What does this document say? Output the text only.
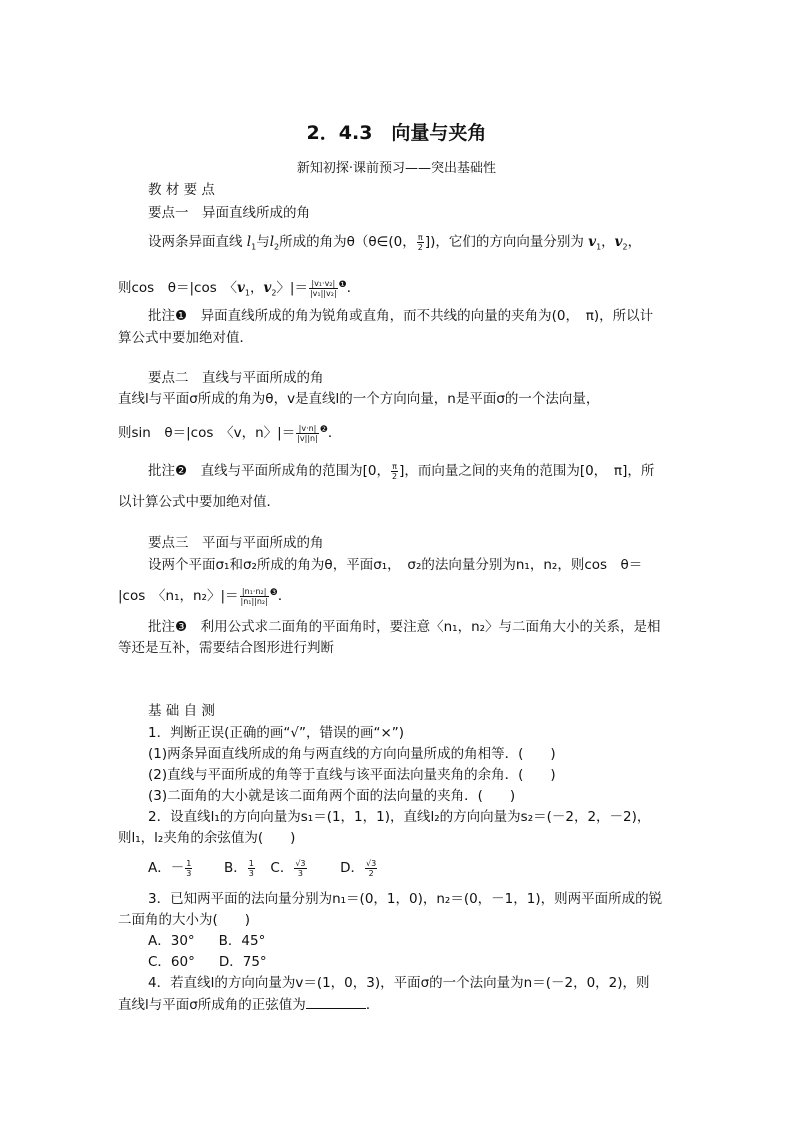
2．4.3　向量与夹角
新知初探·课前预习——突出基础性
教 材 要 点
要点一　异面直线所成的角
设两条异面直线 $l_1$与$l_2$所成的角为θ（θ∈(0， $\frac{\pi}{2}$ ])，它们的方向向量分别为 $v_1$，$v_2$，
则cos　θ＝|cos　〈$v_1$，$v_2$〉|＝ $\frac{\text{|v₁·v₂|}}{\text{|v₁||v₂|}} ^❶$．
批注❶　 异面直线所成的角为锐角或直角，而不共线的向量的夹角为(0，　π)，所以计
算公式中要加绝对值．
要点二　直线与平面所成的角
直线l与平面σ所成的角为θ，v是直线l的一个方向向量，n是平面σ的一个法向量，
则sin　θ＝|cos　〈v，n〉|＝ $\frac{|v\cdot n|}{|v||n|} ^❷$．
批注❷　 直线与平面所成角的范围为[0， $\frac{\pi}{2}$ ]，而向量之间的夹角的范围为[0，　π]，所
以计算公式中要加绝对值．
要点三　平面与平面所成的角
设两个平面σ₁和σ₂所成的角为θ，平面σ₁，　σ₂的法向量分别为n₁，n₂，则cos　θ＝
|cos　〈n₁，n₂〉|＝ $\frac{\text{|n₁·n₂|}}{\text{|n₁||n₂|}} ^❸$．
批注❸　 利用公式求二面角的平面角时，要注意〈n₁，n₂〉与二面角大小的关系，是相
等还是互补，需要结合图形进行判断
基 础 自 测
1．判断正误(正确的画“√”，错误的画“×”)
(1)两条异面直线所成的角与两直线的方向向量所成的角相等．(　　)
(2)直线与平面所成的角等于直线与该平面法向量夹角的余角．(　　)
(3)二面角的大小就是该二面角两个面的法向量的夹角．(　　)
2．设直线l₁的方向向量为s₁＝(1，1，1)，直线l₂的方向向量为s₂＝(－2，2，－2)，
则l₁，l₂夹角的余弦值为(　　)
A．－ $\frac{1}{3}$ B． $\frac{1}{3}$ C． $\frac{√3}{3}$ D． $\frac{√3}{2}$
3．已知两平面的法向量分别为n₁＝(0，1，0)，n₂＝(0，－1，1)，则两平面所成的锐
二面角的大小为(　　)
A．30° B．45°
C．60° D．75°
4．若直线l的方向向量为v＝(1，0，3)，平面σ的一个法向量为n＝(－2，0，2)，则
直线l与平面σ所成角的正弦值为	．
